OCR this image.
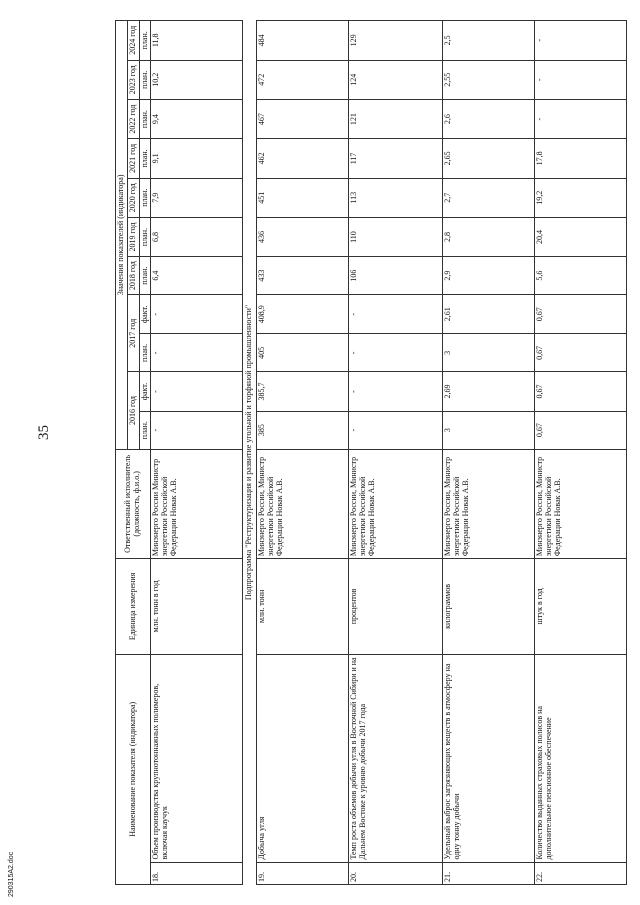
35
290315A2.doc
Наименование показателя (индикатора)		Единица измерения	Ответственный исполнитель (должность, ф.и.о.)	Значения показателей (индикатора)										
				2016 год		2017 год		2018 год	2019 год	2020 год	2021 год	2022 год	2023 год	2024 год
				план.	факт.	план.	факт.	план.	план.	план.	план.	план.	план.	план.
18.	Объем производства крупнотоннажных полимеров, включая каучук	млн. тонн в год	Минэнерго России Министр энергетики Российской Федерации Новак А.В.	-	-	-	-	6,4	6,8	7,9	9,1	9,4	10,2	11,8
Подпрограмма "Реструктуризация и развитие угольной и торфяной промышленности"														
19.	Добыча угля	млн. тонн	Минэнерго России, Министр энергетики Российской Федерации Новак А.В.	385	385,7	405	408,9	433	436	451	462	467	472	484
20.	Темп роста объемов добычи угля в Восточной Сибири и на Дальнем Востоке к уровню добычи 2017 года	процентов	Минэнерго России, Министр энергетики Российской Федерации Новак А.В.	-	-	-	-	106	110	113	117	121	124	129
21.	Удельный выброс загрязняющих веществ в атмосферу на одну тонну добычи	килограммов	Минэнерго России, Министр энергетики Российской Федерации Новак А.В.	3	2,69	3	2,61	2,9	2,8	2,7	2,65	2,6	2,55	2,5
22.	Количество выданных страховых полисов на дополнительное пенсионное обеспечение	штук в год	Минэнерго России, Министр энергетики Российской Федерации Новак А.В.	0,67	0,67	0,67	0,67	5,6	20,4	19,2	17,8	-	-	-
